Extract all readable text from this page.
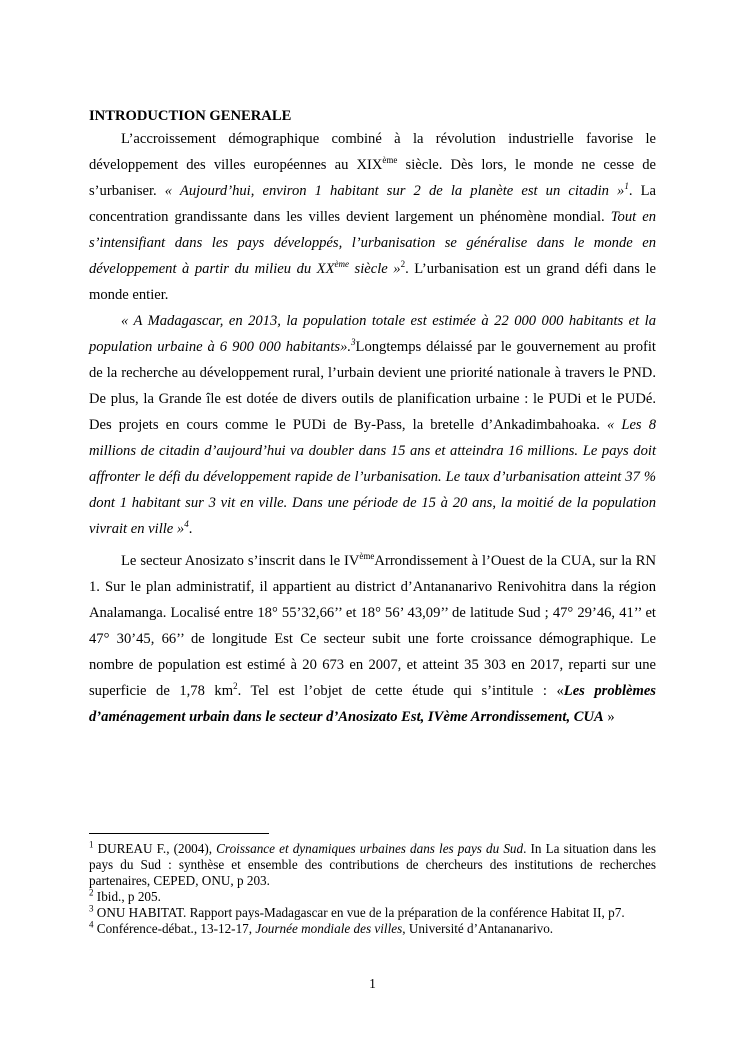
INTRODUCTION GENERALE

L’accroissement démographique combiné à la révolution industrielle favorise le développement des villes européennes au XIXème siècle. Dès lors, le monde ne cesse de s’urbaniser. « Aujourd’hui, environ 1 habitant sur 2 de la planète est un citadin »$^1$. La concentration grandissante dans les villes devient largement un phénomène mondial. Tout en s’intensifiant dans les pays développés, l’urbanisation se généralise dans le monde en développement à partir du milieu du XXème siècle »$^2$. L’urbanisation est un grand défi dans le monde entier.

« A Madagascar, en 2013, la population totale est estimée à 22 000 000 habitants et la population urbaine à 6 900 000 habitants».$^3$Longtemps délaissé par le gouvernement au profit de la recherche au développement rural, l’urbain devient une priorité nationale à travers le PND. De plus, la Grande île est dotée de divers outils de planification urbaine : le PUDi et le PUDé. Des projets en cours comme le PUDi de By-Pass, la bretelle d’Ankadimbahoaka. « Les 8 millions de citadin d’aujourd’hui va doubler dans 15 ans et atteindra 16 millions. Le pays doit affronter le défi du développement rapide de l’urbanisation. Le taux d’urbanisation atteint 37 % dont 1 habitant sur 3 vit en ville. Dans une période de 15 à 20 ans, la moitié de la population vivrait en ville »$^4$.

Le secteur Anosizato s’inscrit dans le IVèmeArrondissement à l’Ouest de la CUA, sur la RN 1. Sur le plan administratif, il appartient au district d’Antananarivo Renivohitra dans la région Analamanga. Localisé entre 18° 55’32,66’’ et 18° 56’ 43,09’’ de latitude Sud ; 47° 29’46, 41’’ et 47° 30’45, 66’’ de longitude Est Ce secteur subit une forte croissance démographique. Le nombre de population est estimé à 20 673 en 2007, et atteint 35 303 en 2017, reparti sur une superficie de 1,78 $km^2$. Tel est l’objet de cette étude qui s’intitule : «Les problèmes d’aménagement urbain dans le secteur d’Anosizato Est, IVème Arrondissement, CUA »

$^1$ DUREAU F., (2004), Croissance et dynamiques urbaines dans les pays du Sud. In La situation dans les pays du Sud : synthèse et ensemble des contributions de chercheurs des institutions de recherches partenaires, CEPED, ONU, p 203.

$^2$ Ibid., p 205.

$^3$ ONU HABITAT. Rapport pays-Madagascar en vue de la préparation de la conférence Habitat II, p7.

$^4$ Conférence-débat., 13-12-17, Journée mondiale des villes, Université d’Antananarivo.

1
